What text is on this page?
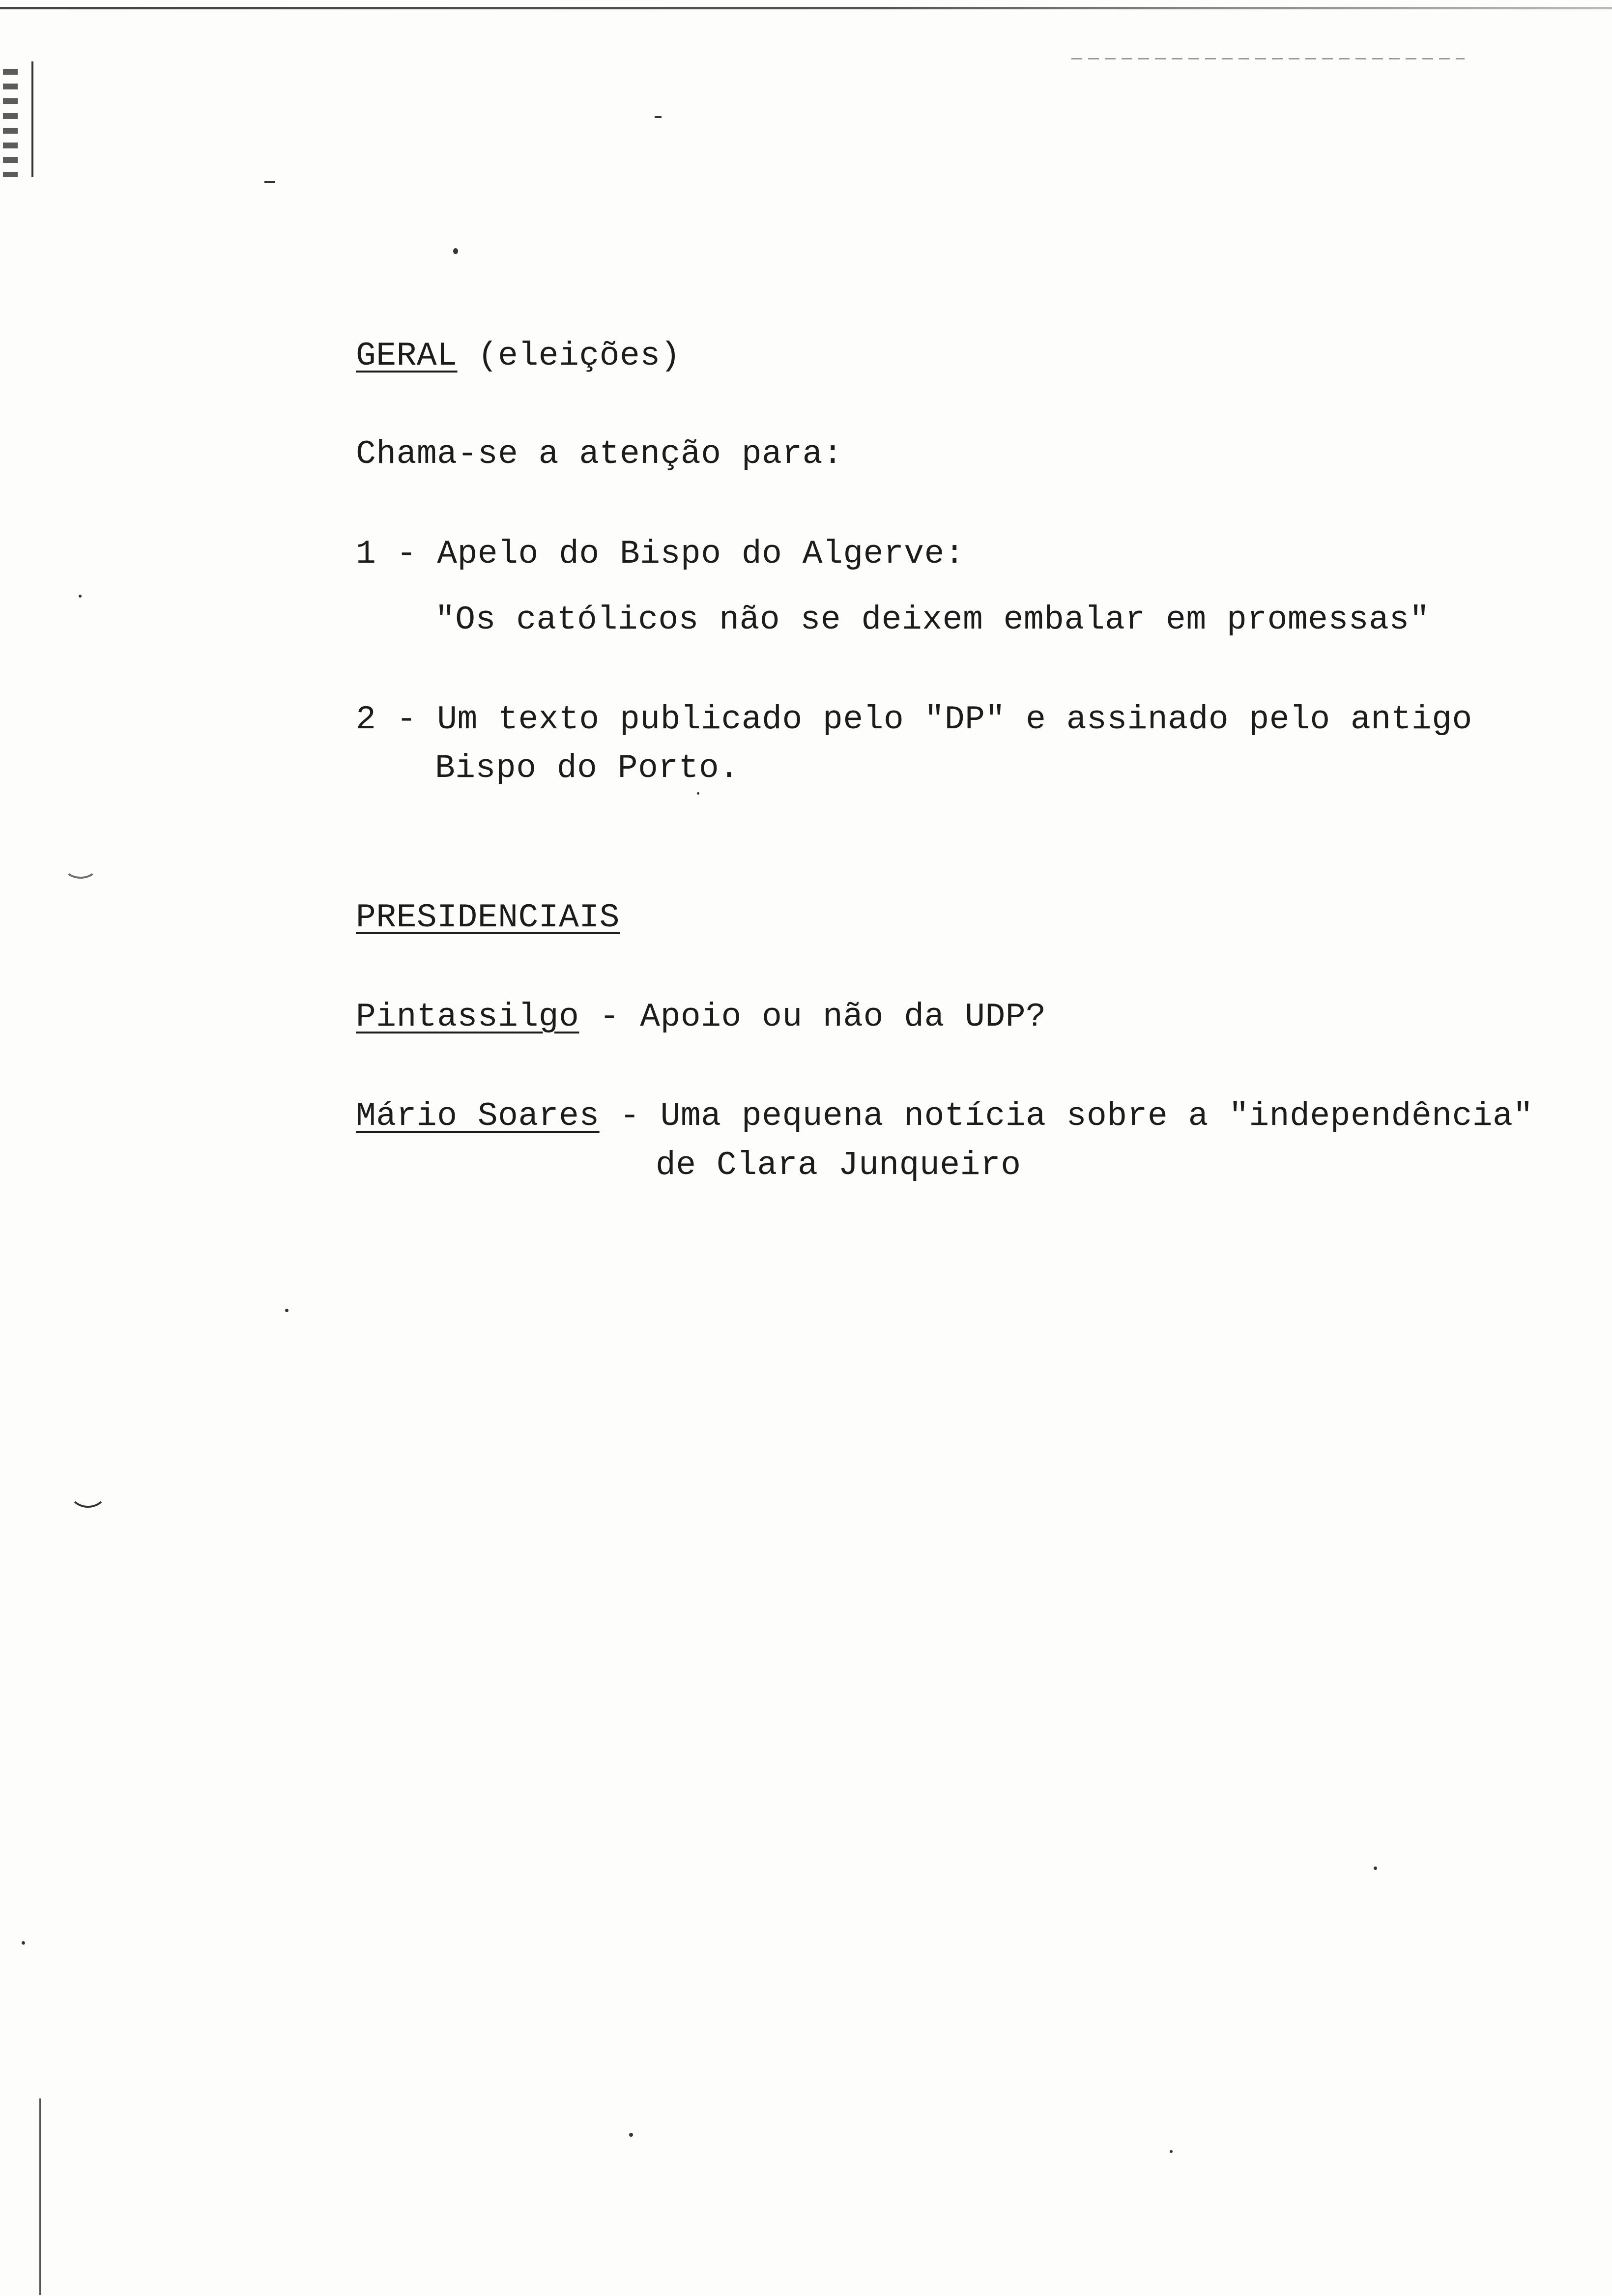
GERAL (eleições)
Chama-se a atenção para:
1 - Apelo do Bispo do Algerve:
"Os católicos não se deixem embalar em promessas"
2 - Um texto publicado pelo "DP" e assinado pelo antigo
Bispo do Porto.
PRESIDENCIAIS
Pintassilgo - Apoio ou não da UDP?
Mário Soares - Uma pequena notícia sobre a "independência"
de Clara Junqueiro
